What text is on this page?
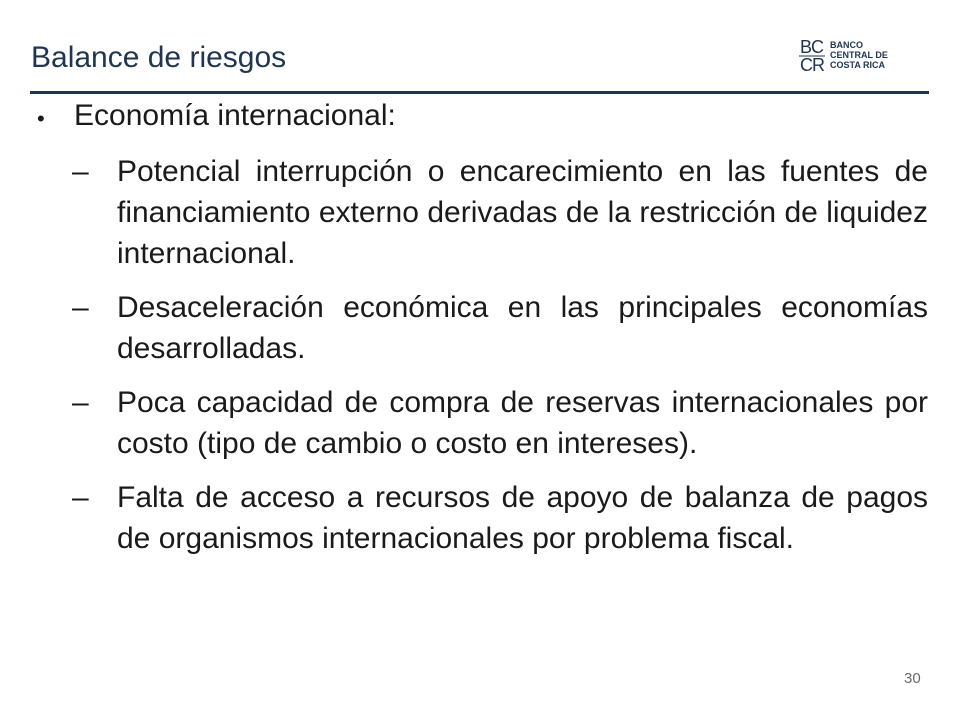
Balance de riesgos	BC
CR
BANCO
CENTRAL DE
COSTA RICA
• Economía internacional:
– Potencial interrupción o encarecimiento en las fuentes de financiamiento externo derivadas de la restricción de liquidez internacional.
– Desaceleración económica en las principales economías desarrolladas.
– Poca capacidad de compra de reservas internacionales por costo (tipo de cambio o costo en intereses).
– Falta de acceso a recursos de apoyo de balanza de pagos de organismos internacionales por problema fiscal.
30
